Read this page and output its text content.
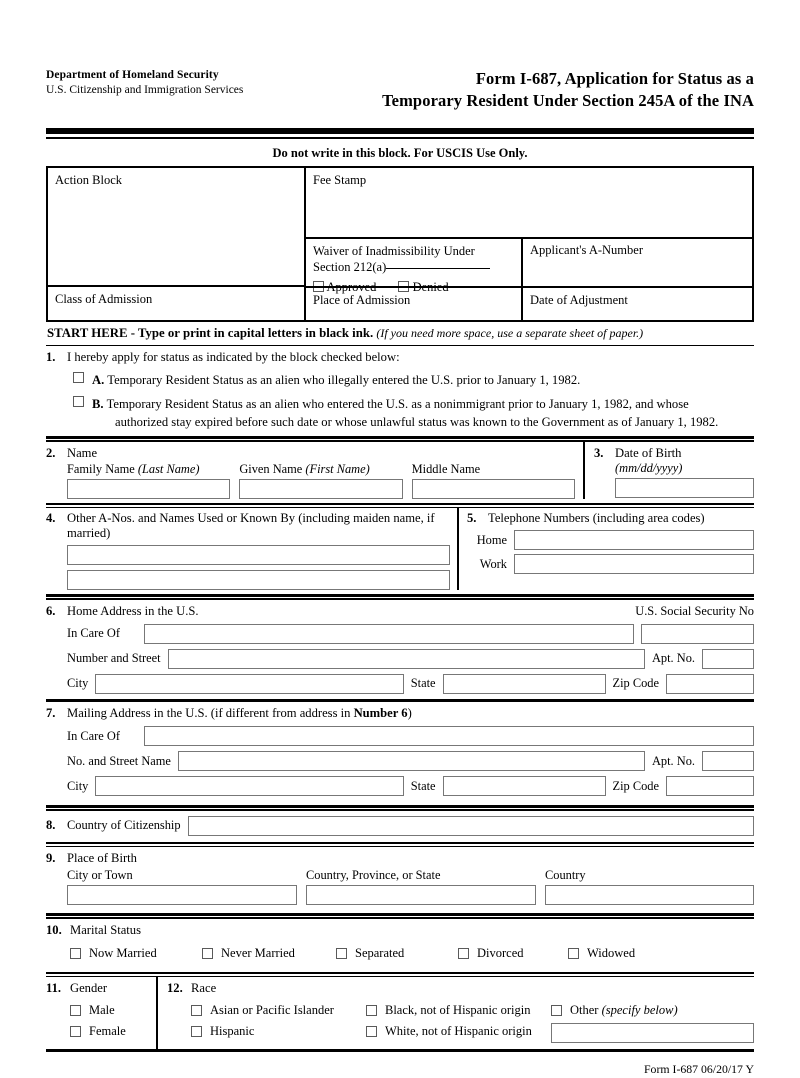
Department of Homeland Security
U.S. Citizenship and Immigration Services
Form I-687, Application for Status as a
Temporary Resident Under Section 245A of the INA
Do not write in this block. For USCIS Use Only.
Action Block
Class of Admission
Fee Stamp
Waiver of Inadmissibility Under
Section 212(a)
Approved	Denied
Applicant's A-Number
Place of Admission	Date of Adjustment
START HERE - Type or print in capital letters in black ink. (If you need more space, use a separate sheet of paper.)
1. I hereby apply for status as indicated by the block checked below:
A. Temporary Resident Status as an alien who illegally entered the U.S. prior to January 1, 1982.
B. Temporary Resident Status as an alien who entered the U.S. as a nonimmigrant prior to January 1, 1982, and whose
authorized stay expired before such date or whose unlawful status was known to the Government as of January 1, 1982.
2. Name
Family Name (Last Name)	Given Name (First Name)	Middle Name
3. Date of Birth
(mm/dd/yyyy)
4. Other A-Nos. and Names Used or Known By (including maiden name, if married)
5. Telephone Numbers (including area codes)
Home
Work
6. Home Address in the U.S.	U.S. Social Security No
In Care Of
Number and Street	Apt. No.
City	State	Zip Code
7. Mailing Address in the U.S. (if different from address in Number 6)
In Care Of
No. and Street Name	Apt. No.
City	State	Zip Code
8. Country of Citizenship
9. Place of Birth
City or Town	Country, Province, or State	Country
10. Marital Status
Now Married	Never Married	Separated	Divorced	Widowed
11. Gender
Male
Female
12. Race
Asian or Pacific Islander
Hispanic
Black, not of Hispanic origin
White, not of Hispanic origin
Other (specify below)
Form I-687 06/20/17 Y
